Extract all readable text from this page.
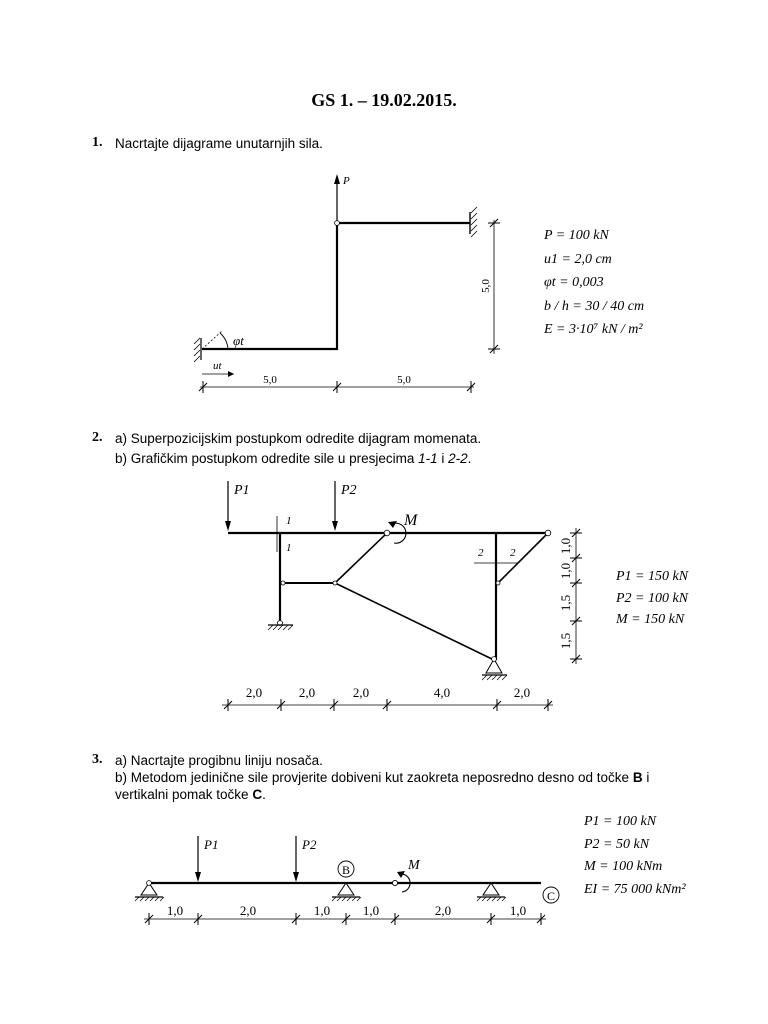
GS 1. – 19.02.2015.
1. Nacrtajte dijagrame unutarnjih sila.
φt
ut
P
5,0	5,0
5,0
P = 100 kN
u1 = 2,0 cm
φt = 0,003
b / h = 30 / 40 cm
E = 3·10⁷ kN / m²
2. a) Superpozicijskim postupkom odredite dijagram momenata.
b) Grafičkim postupkom odredite sile u presjecima 1-1 i 2-2.
P1	P2
M
1
1	2 2
2,0	2,0	2,0	4,0	2,0
1,0
1,0
1,5
1,5
P1 = 150 kN
P2 = 100 kN
M = 150 kN
3. a) Nacrtajte progibnu liniju nosača.
b) Metodom jedinične sile provjerite dobiveni kut zaokreta neposredno desno od točke B i
vertikalni pomak točke C.
P1	P2
M
B
C
1,0	2,0	1,0	1,0	2,0	1,0
P1 = 100 kN
P2 = 50 kN
M = 100 kNm
EI = 75 000 kNm²
